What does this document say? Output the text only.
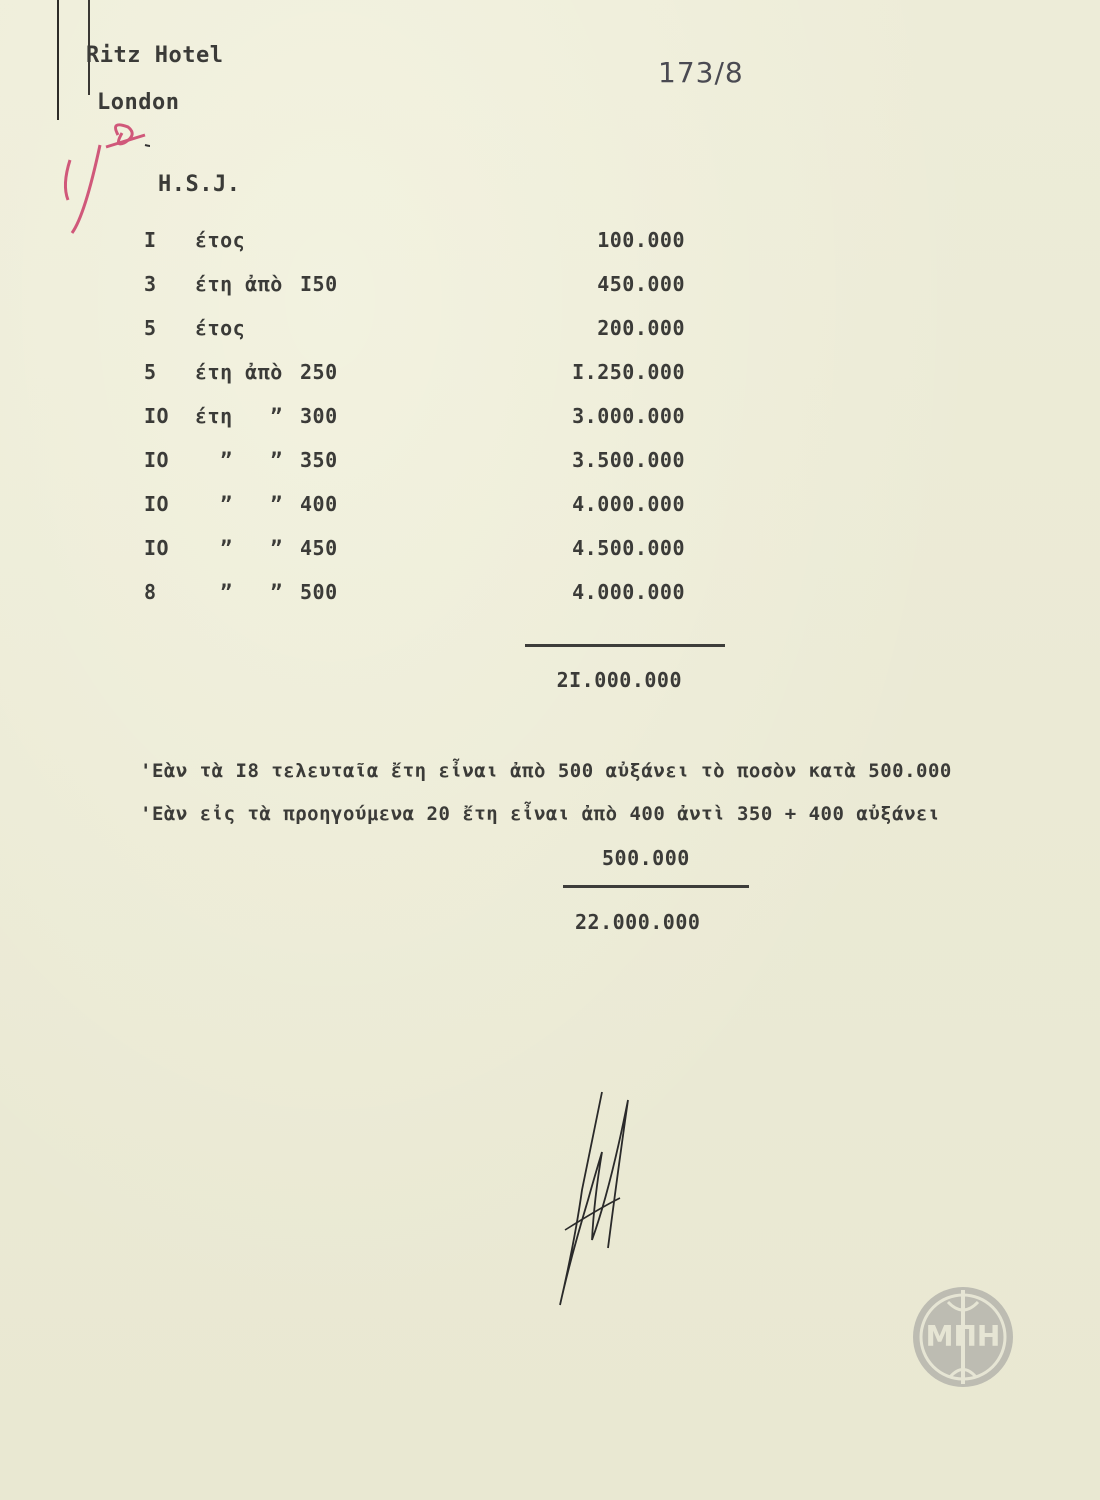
Ritz Hotel
London
H.S.J.
173/8
I έτος	100.000
3 έτη ἀπὸ I50	450.000
5 έτος	200.000
5 έτη ἀπὸ 250	I.250.000
IO έτη   ” 300	3.000.000
IO ”   ” 350	3.500.000
IO ”   ” 400	4.000.000
IO ”   ” 450	4.500.000
8 ”   ” 500	4.000.000
2I.000.000
'Εὰν τὰ I8 τελευταῖα ἔτη εἶναι ἀπὸ 500 αὐξάνει τὸ ποσὸν κατὰ 500.000
'Εὰν εἰς τὰ προηγούμενα 20 ἔτη εἶναι ἀπὸ 400 ἀντὶ 350 + 400 αὐξάνει
500.000
22.000.000
ΜΠΗ
